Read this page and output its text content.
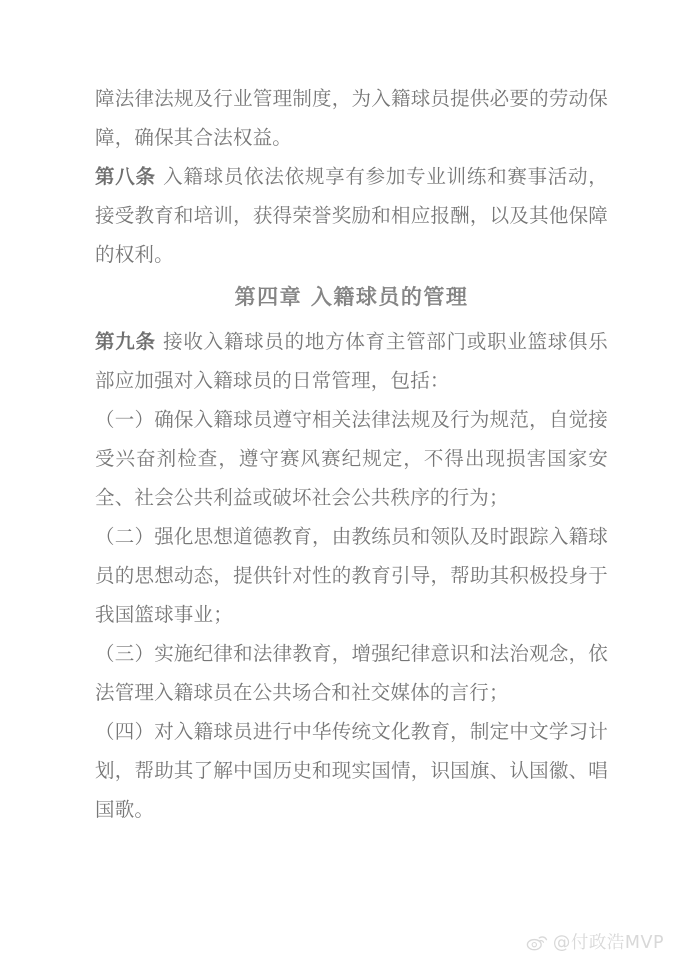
障法律法规及行业管理制度，为入籍球员提供必要的劳动保障，确保其合法权益。

第八条 入籍球员依法依规享有参加专业训练和赛事活动，接受教育和培训，获得荣誉奖励和相应报酬，以及其他保障的权利。

第四章 入籍球员的管理

第九条 接收入籍球员的地方体育主管部门或职业篮球俱乐部应加强对入籍球员的日常管理，包括：

（一）确保入籍球员遵守相关法律法规及行为规范，自觉接受兴奋剂检查，遵守赛风赛纪规定，不得出现损害国家安全、社会公共利益或破坏社会公共秩序的行为；

（二）强化思想道德教育，由教练员和领队及时跟踪入籍球员的思想动态，提供针对性的教育引导，帮助其积极投身于我国篮球事业；

（三）实施纪律和法律教育，增强纪律意识和法治观念，依法管理入籍球员在公共场合和社交媒体的言行；

（四）对入籍球员进行中华传统文化教育，制定中文学习计划，帮助其了解中国历史和现实国情，识国旗、认国徽、唱国歌。

@付政浩MVP
